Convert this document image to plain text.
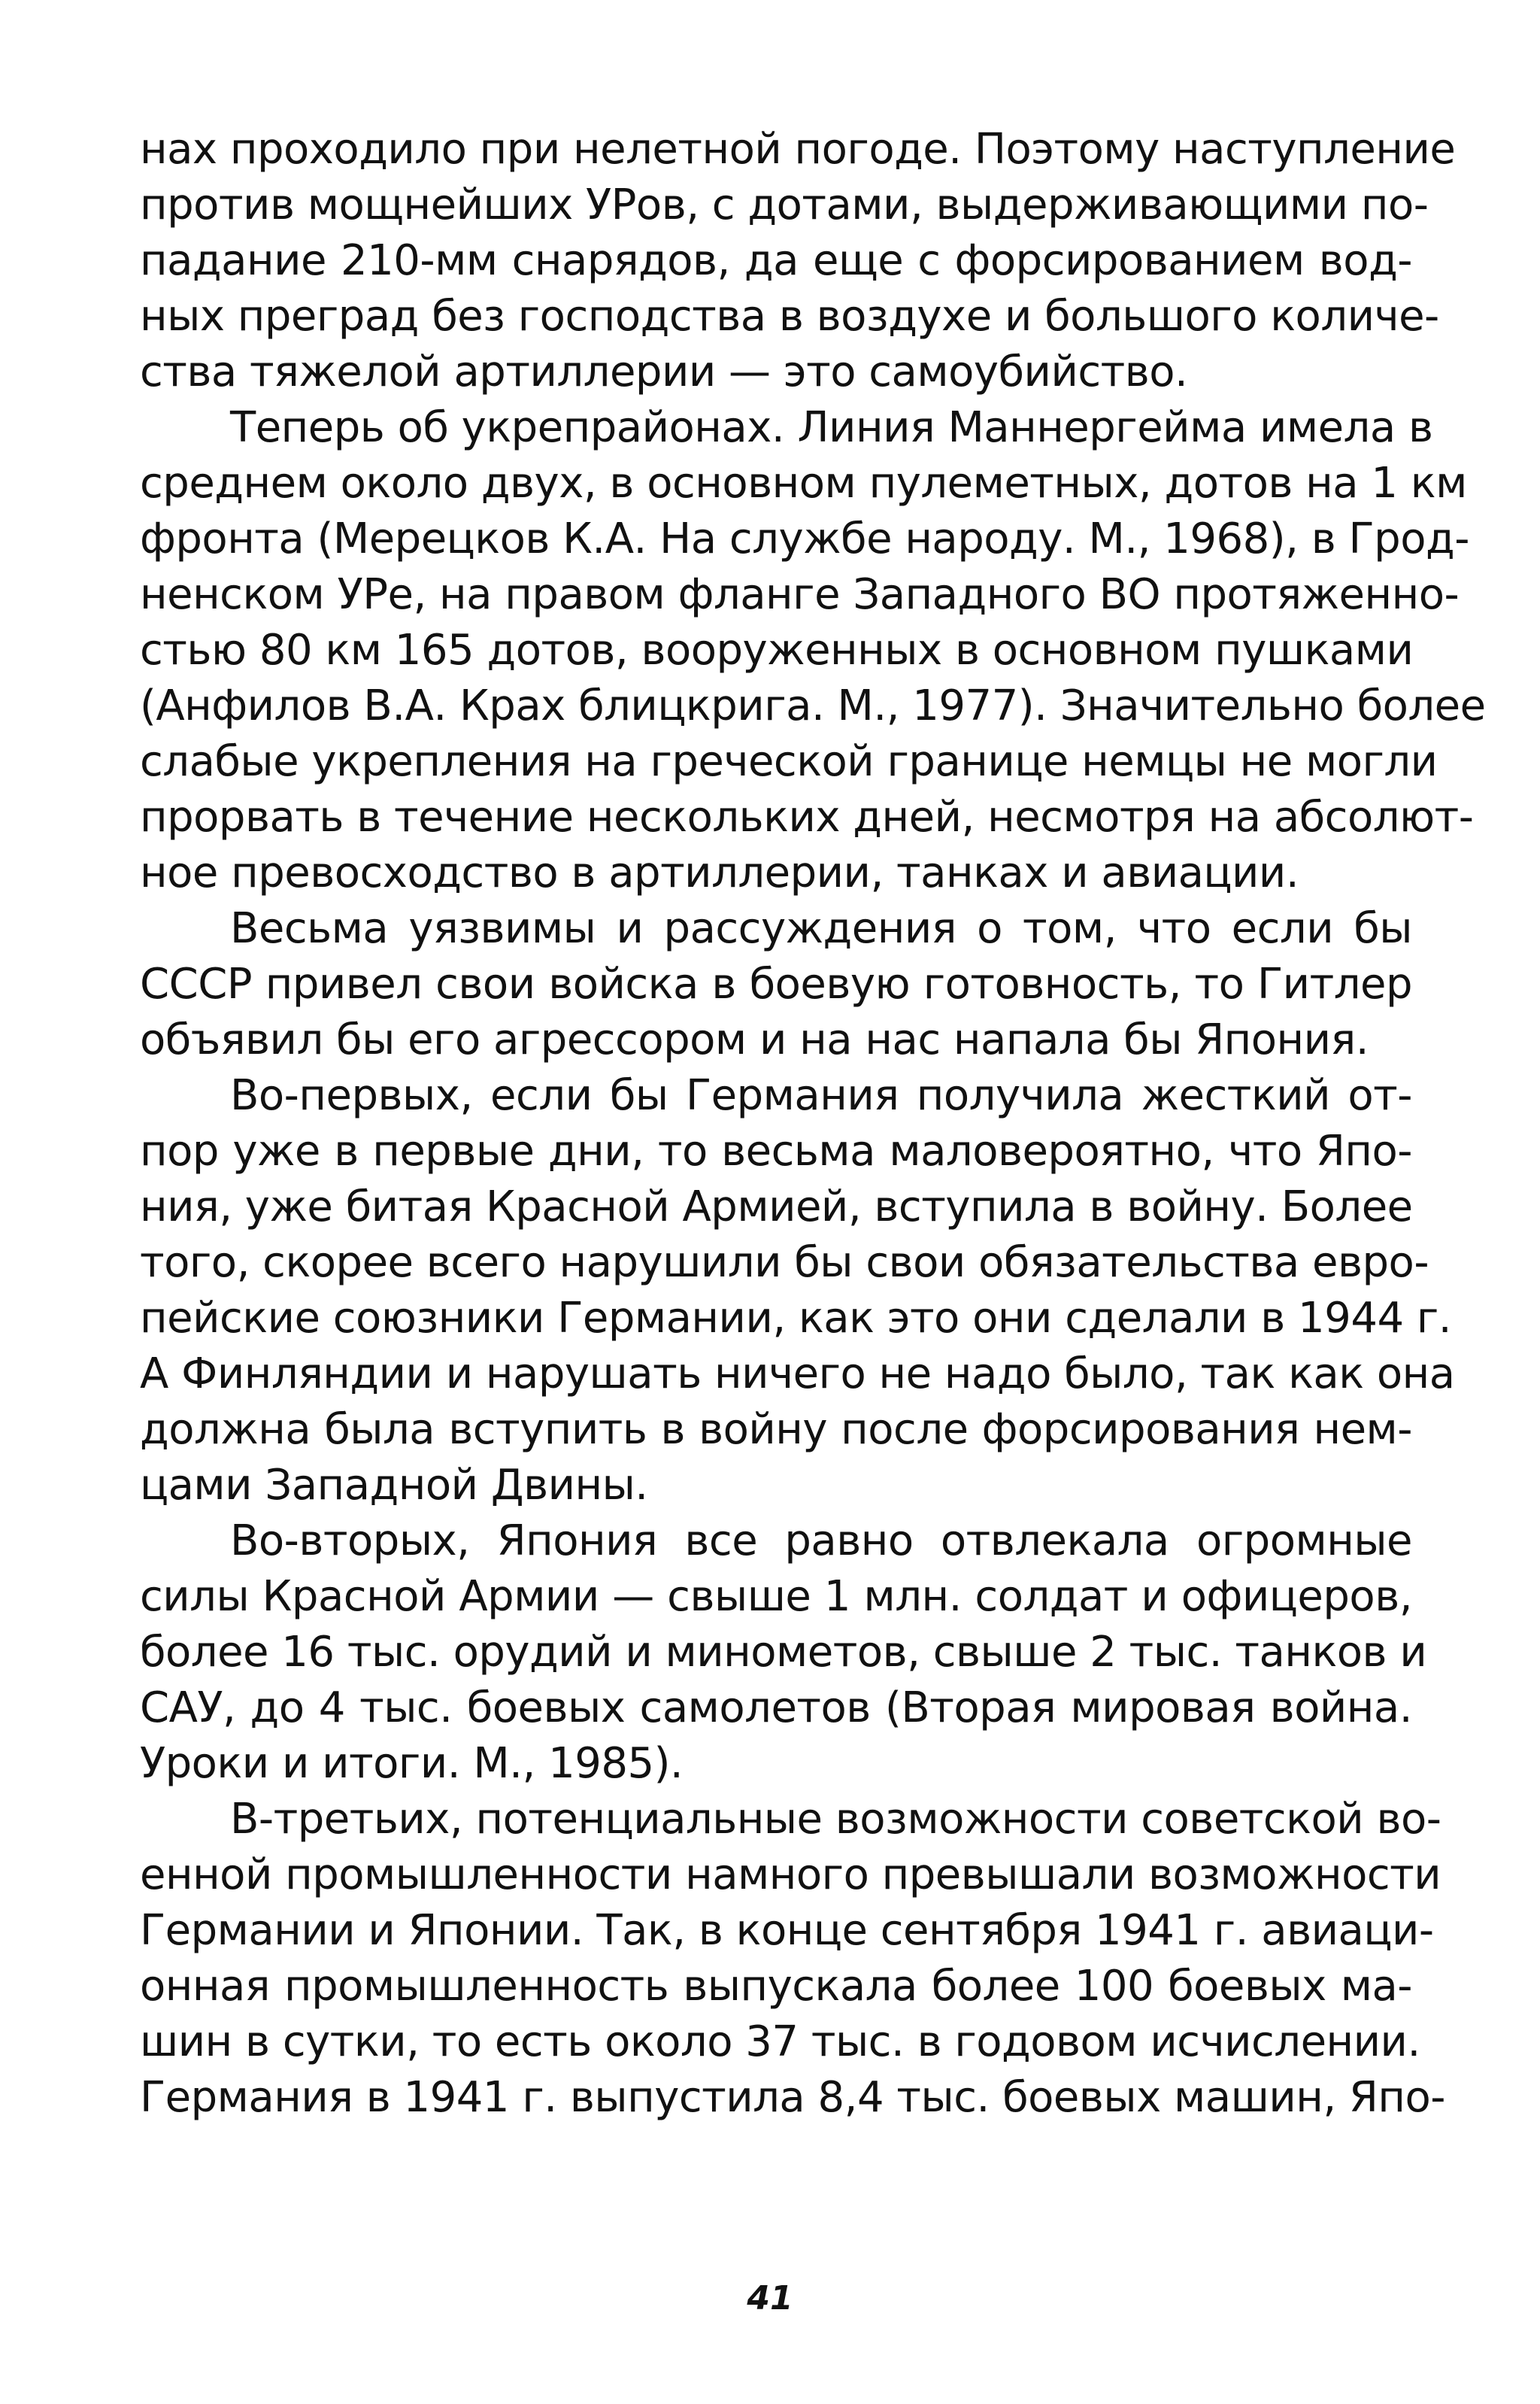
нах проходило при нелетной погоде. Поэтому наступление
против мощнейших УРов, с дотами, выдерживающими по-
падание 210-мм снарядов, да еще с форсированием вод-
ных преград без господства в воздухе и большого количе-
ства тяжелой артиллерии — это самоубийство.
Теперь об укрепрайонах. Линия Маннергейма имела в
среднем около двух, в основном пулеметных, дотов на 1 км
фронта (Мерецков К.А. На службе народу. М., 1968), в Грод-
ненском УРе, на правом фланге Западного ВО протяженно-
стью 80 км 165 дотов, вооруженных в основном пушками
(Анфилов В.А. Крах блицкрига. М., 1977). Значительно более
слабые укрепления на греческой границе немцы не могли
прорвать в течение нескольких дней, несмотря на абсолют-
ное превосходство в артиллерии, танках и авиации.
Весьма уязвимы и рассуждения о том, что если бы
СССР привел свои войска в боевую готовность, то Гитлер
объявил бы его агрессором и на нас напала бы Япония.
Во-первых, если бы Германия получила жесткий от-
пор уже в первые дни, то весьма маловероятно, что Япо-
ния, уже битая Красной Армией, вступила в войну. Более
того, скорее всего нарушили бы свои обязательства евро-
пейские союзники Германии, как это они сделали в 1944 г.
А Финляндии и нарушать ничего не надо было, так как она
должна была вступить в войну после форсирования нем-
цами Западной Двины.
Во-вторых, Япония все равно отвлекала огромные
силы Красной Армии — свыше 1 млн. солдат и офицеров,
более 16 тыс. орудий и минометов, свыше 2 тыс. танков и
САУ, до 4 тыс. боевых самолетов (Вторая мировая война.
Уроки и итоги. М., 1985).
В-третьих, потенциальные возможности советской во-
енной промышленности намного превышали возможности
Германии и Японии. Так, в конце сентября 1941 г. авиаци-
онная промышленность выпускала более 100 боевых ма-
шин в сутки, то есть около 37 тыс. в годовом исчислении.
Германия в 1941 г. выпустила 8,4 тыс. боевых машин, Япо-
41
